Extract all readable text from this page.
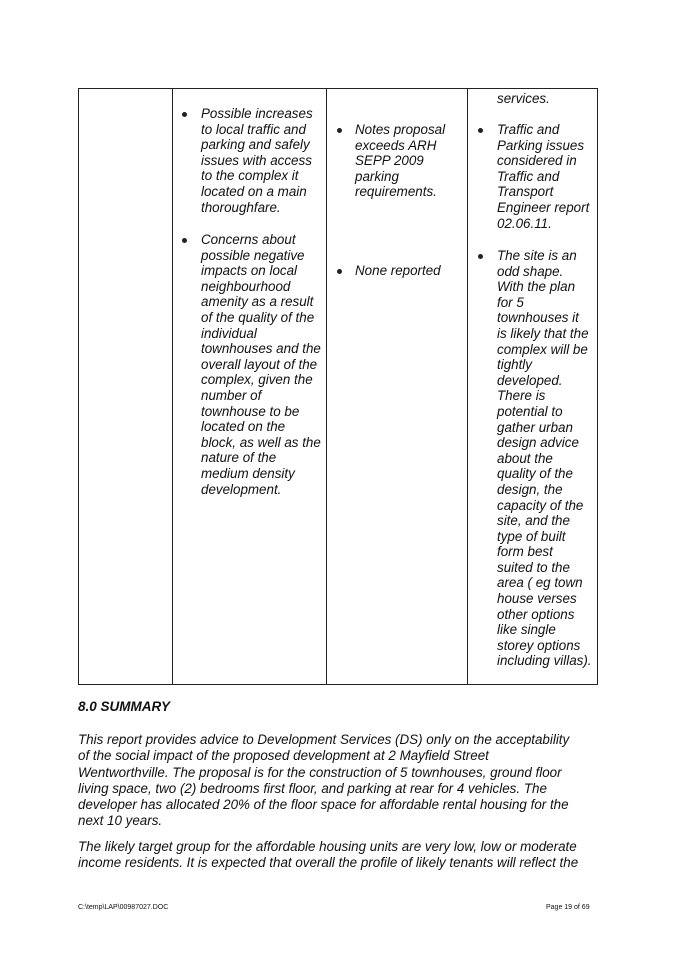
Possible increases
to local traffic and
parking and safely
issues with access
to the complex it
located on a main
thoroughfare.
Concerns about
possible negative
impacts on local
neighbourhood
amenity as a result
of the quality of the
individual
townhouses and the
overall layout of the
complex, given the
number of
townhouse to be
located on the
block, as well as the
nature of the
medium density
development.
Notes proposal
exceeds ARH
SEPP 2009
parking
requirements.
None reported
services.
Traffic and
Parking issues
considered in
Traffic and
Transport
Engineer report
02.06.11.
The site is an
odd shape.
With the plan
for 5
townhouses it
is likely that the
complex will be
tightly
developed.
There is
potential to
gather urban
design advice
about the
quality of the
design, the
capacity of the
site, and the
type of built
form best
suited to the
area ( eg town
house verses
other options
like single
storey options
including villas).
8.0 SUMMARY
This report provides advice to Development Services (DS) only on the acceptability
of the social impact of the proposed development at 2 Mayfield Street
Wentworthville. The proposal is for the construction of 5 townhouses, ground floor
living space, two (2) bedrooms first floor, and parking at rear for 4 vehicles. The
developer has allocated 20% of the floor space for affordable rental housing for the
next 10 years.
The likely target group for the affordable housing units are very low, low or moderate
income residents. It is expected that overall the profile of likely tenants will reflect the
C:\temp\LAP\00987027.DOC	Page 19 of 69
